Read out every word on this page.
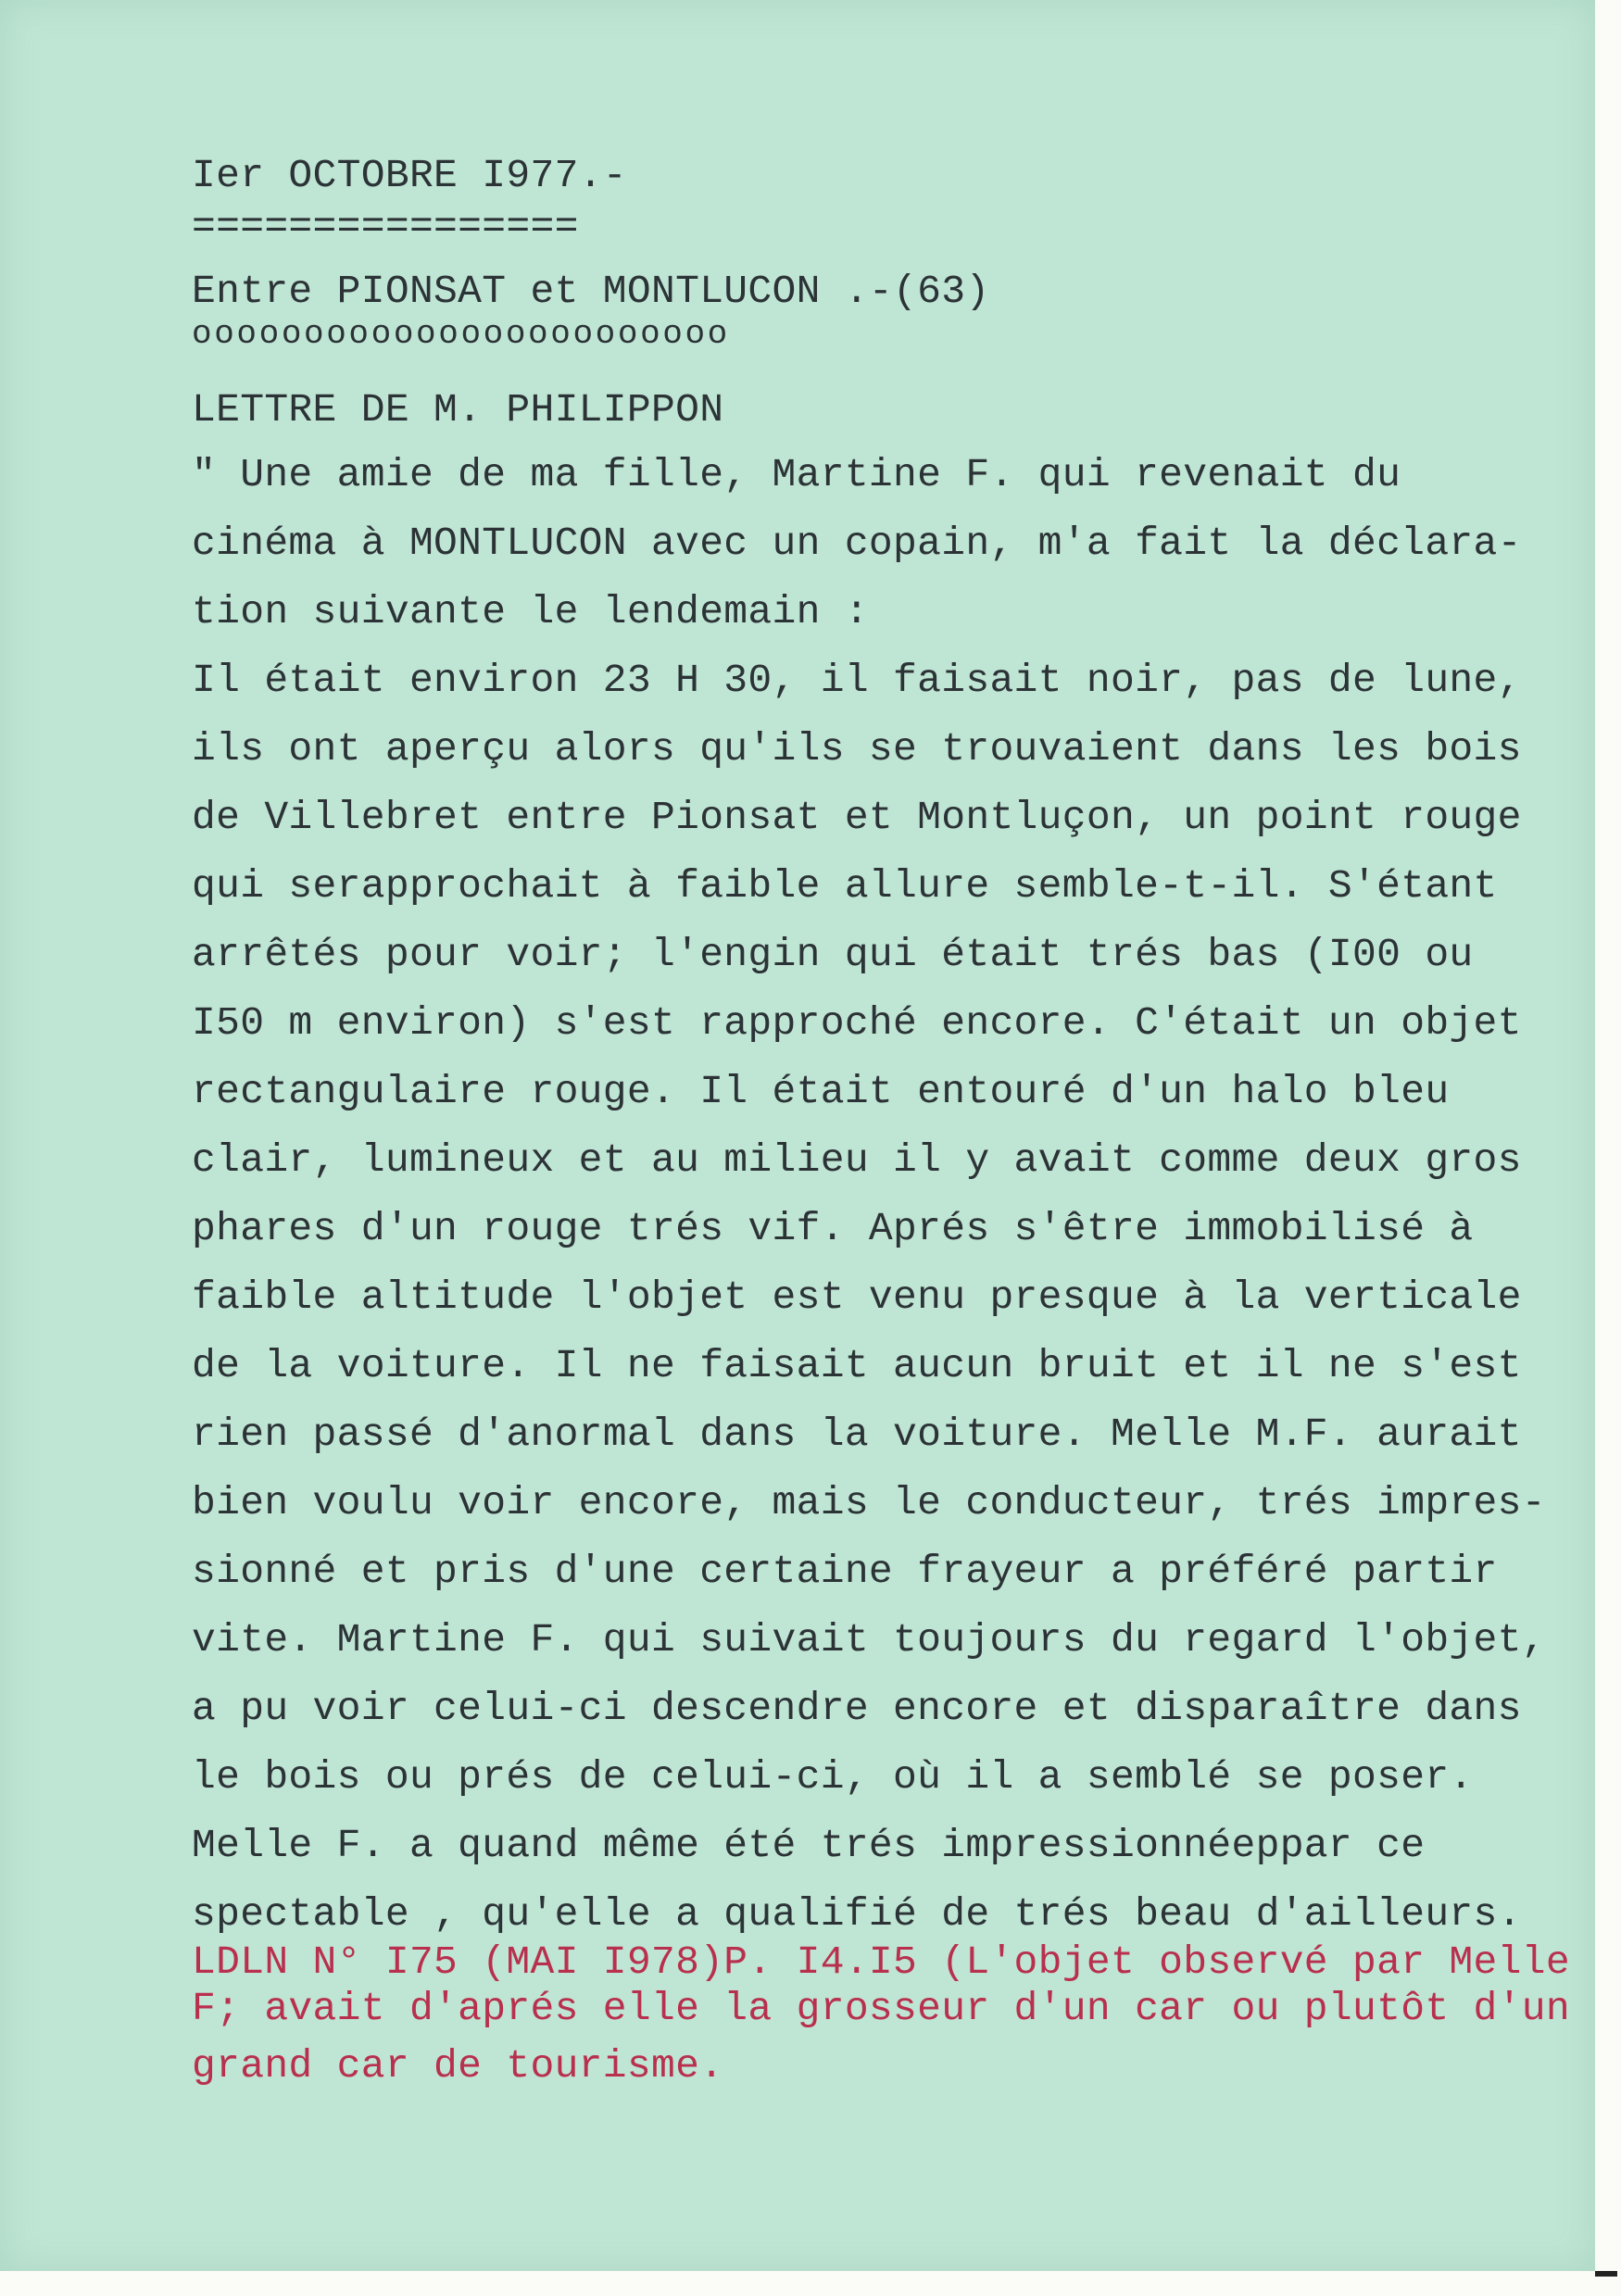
Ier OCTOBRE I977.-

================

Entre PIONSAT et MONTLUCON .-(63)

oooooooooooooooooooooooo

LETTRE DE M. PHILIPPON

" Une amie de ma fille, Martine F. qui revenait du

cinéma à MONTLUCON avec un copain, m'a fait la déclara-

tion suivante le lendemain :

Il était environ 23 H 30, il faisait noir, pas de lune,

ils ont aperçu alors qu'ils se trouvaient dans les bois

de Villebret entre Pionsat et Montluçon, un point rouge

qui serapprochait à faible allure semble-t-il. S'étant

arrêtés pour voir; l'engin qui était trés bas (I00 ou

I50 m environ) s'est rapproché encore. C'était un objet

rectangulaire rouge. Il était entouré d'un halo bleu

clair, lumineux et au milieu il y avait comme deux gros

phares d'un rouge trés vif. Aprés s'être immobilisé à

faible altitude l'objet est venu presque à la verticale

de la voiture. Il ne faisait aucun bruit et il ne s'est

rien passé d'anormal dans la voiture. Melle M.F. aurait

bien voulu voir encore, mais le conducteur, trés impres-

sionné et pris d'une certaine frayeur a préféré partir

vite. Martine F. qui suivait toujours du regard l'objet,

a pu voir celui-ci descendre encore et disparaître dans

le bois ou prés de celui-ci, où il a semblé se poser.

Melle F. a quand même été trés impressionnéeppar ce

spectable , qu'elle a qualifié de trés beau d'ailleurs.

LDLN N° I75 (MAI I978)P. I4.I5 (L'objet observé par Melle

F; avait d'aprés elle la grosseur d'un car ou plutôt d'un

grand car de tourisme.
